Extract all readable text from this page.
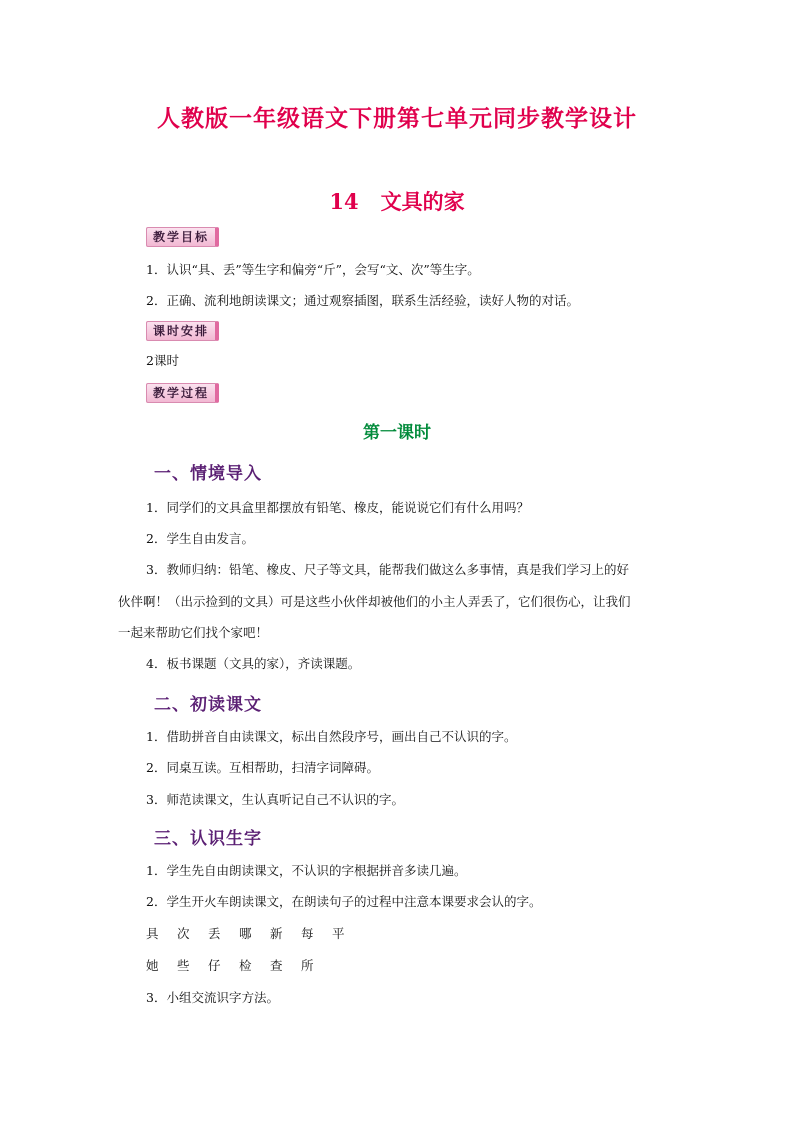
人教版一年级语文下册第七单元同步教学设计
14 文具的家
教学目标
1．认识“具、丢”等生字和偏旁“斤”，会写“文、次”等生字。
2．正确、流利地朗读课文；通过观察插图，联系生活经验，读好人物的对话。
课时安排
2课时
教学过程
第一课时
一、情境导入
1．同学们的文具盒里都摆放有铅笔、橡皮，能说说它们有什么用吗？
2．学生自由发言。
3．教师归纳：铅笔、橡皮、尺子等文具，能帮我们做这么多事情，真是我们学习上的好
伙伴啊！（出示捡到的文具）可是这些小伙伴却被他们的小主人弄丢了，它们很伤心，让我们
一起来帮助它们找个家吧！
4．板书课题（文具的家），齐读课题。
二、初读课文
1．借助拼音自由读课文，标出自然段序号，画出自己不认识的字。
2．同桌互读。互相帮助，扫清字词障碍。
3．师范读课文，生认真听记自己不认识的字。
三、认识生字
1．学生先自由朗读课文，不认识的字根据拼音多读几遍。
2．学生开火车朗读课文，在朗读句子的过程中注意本课要求会认的字。
具 次 丢 哪 新 每 平
她 些 仔 检 查 所
3．小组交流识字方法。
